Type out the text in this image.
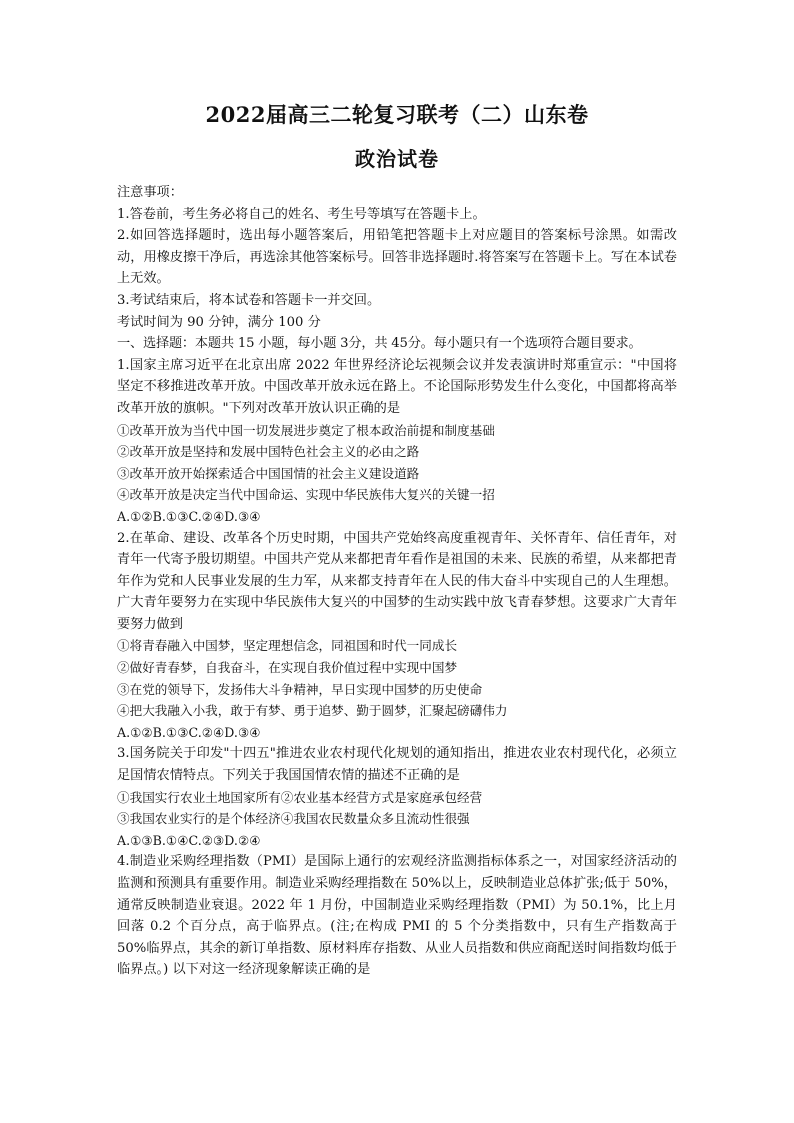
2022届高三二轮复习联考（二）山东卷
政治试卷

注意事项：

1.答卷前，考生务必将自己的姓名、考生号等填写在答题卡上。

2.如回答选择题时，选出每小题答案后，用铅笔把答题卡上对应题目的答案标号涂黑。如需改动，用橡皮擦干净后，再选涂其他答案标号。回答非选择题时.将答案写在答题卡上。写在本试卷上无效。

3.考试结束后，将本试卷和答题卡一并交回。

考试时间为 90 分钟，满分 100 分

一、选择题：本题共 15 小题，每小题 3分，共 45分。每小题只有一个选项符合题目要求。

1.国家主席习近平在北京出席 2022 年世界经济论坛视频会议并发表演讲时郑重宣示："中国将坚定不移推进改革开放。中国改革开放永远在路上。不论国际形势发生什么变化，中国都将高举改革开放的旗帜。"下列对改革开放认识正确的是

①改革开放为当代中国一切发展进步奠定了根本政治前提和制度基础

②改革开放是坚持和发展中国特色社会主义的必由之路

③改革开放开始探索适合中国国情的社会主义建设道路

④改革开放是决定当代中国命运、实现中华民族伟大复兴的关键一招

A.①②B.①③C.②④D.③④

2.在革命、建设、改革各个历史时期，中国共产党始终高度重视青年、关怀青年、信任青年，对青年一代寄予殷切期望。中国共产党从来都把青年看作是祖国的未来、民族的希望，从来都把青年作为党和人民事业发展的生力军，从来都支持青年在人民的伟大奋斗中实现自己的人生理想。广大青年要努力在实现中华民族伟大复兴的中国梦的生动实践中放飞青春梦想。这要求广大青年要努力做到

①将青春融入中国梦，坚定理想信念，同祖国和时代一同成长

②做好青春梦，自我奋斗，在实现自我价值过程中实现中国梦

③在党的领导下，发扬伟大斗争精神，早日实现中国梦的历史使命

④把大我融入小我，敢于有梦、勇于追梦、勤于圆梦，汇聚起磅礴伟力

A.①②B.①③C.②④D.③④

3.国务院关于印发"十四五"推进农业农村现代化规划的通知指出，推进农业农村现代化，必须立足国情农情特点。下列关于我国国情农情的描述不正确的是

①我国实行农业土地国家所有②农业基本经营方式是家庭承包经营

③我国农业实行的是个体经济④我国农民数量众多且流动性很强

A.①③B.①④C.②③D.②④

4.制造业采购经理指数（PMI）是国际上通行的宏观经济监测指标体系之一，对国家经济活动的监测和预测具有重要作用。制造业采购经理指数在 50%以上，反映制造业总体扩张;低于 50%，通常反映制造业衰退。2022 年 1 月份，中国制造业采购经理指数（PMI）为 50.1%，比上月回落 0.2 个百分点，高于临界点。(注;在构成 PMI 的 5 个分类指数中，只有生产指数高于 50%临界点，其余的新订单指数、原材料库存指数、从业人员指数和供应商配送时间指数均低于临界点。) 以下对这一经济现象解读正确的是
